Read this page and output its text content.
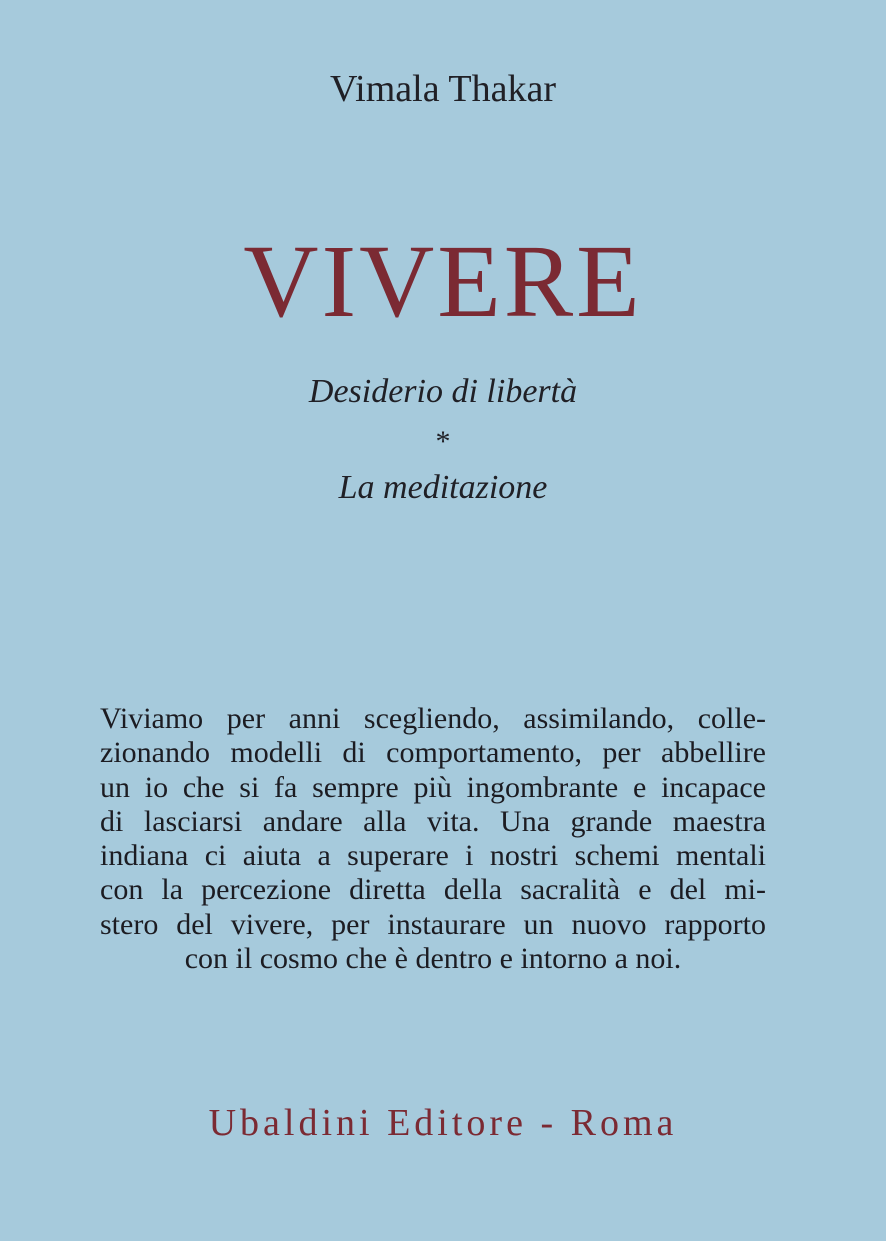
Vimala Thakar
VIVERE
Desiderio di libertà
*
La meditazione
Viviamo per anni scegliendo, assimilando, colle-
zionando modelli di comportamento, per abbellire
un io che si fa sempre più ingombrante e incapace
di lasciarsi andare alla vita. Una grande maestra
indiana ci aiuta a superare i nostri schemi mentali
con la percezione diretta della sacralità e del mi-
stero del vivere, per instaurare un nuovo rapporto
con il cosmo che è dentro e intorno a noi.
Ubaldini Editore - Roma
